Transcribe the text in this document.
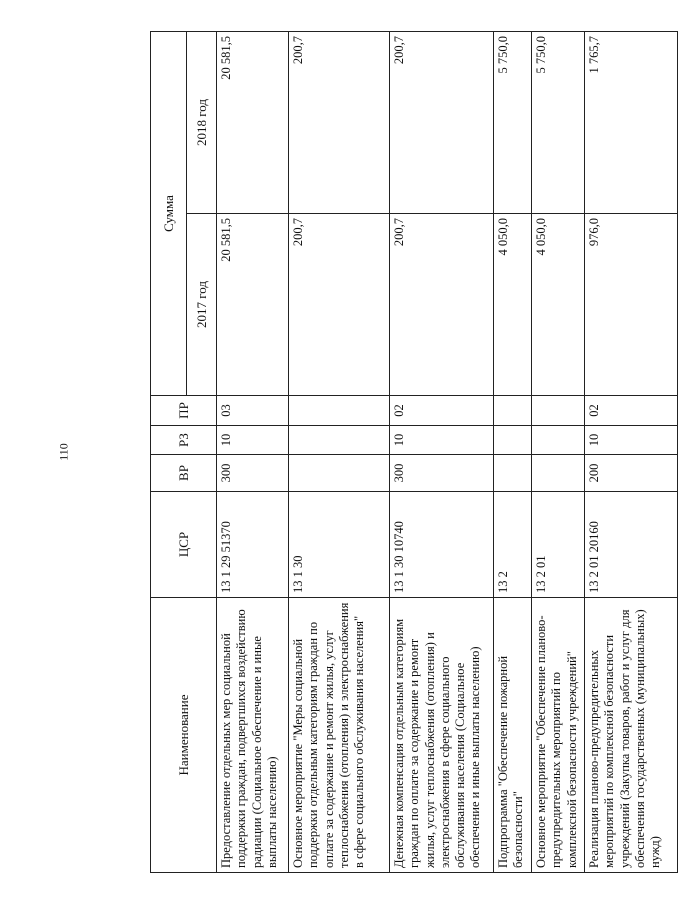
110
Наименование	ЦСР	ВР	РЗ	ПР	Сумма	
					2017 год	2018 год
Предоставление отдельных мер социальной поддержки граждан, подвергшихся воздействию радиации (Социальное обеспечение и иные выплаты населению)	13 1 29 51370	300	10	03	20 581,5	20 581,5
Основное мероприятие "Меры социальной поддержки отдельным категориям граждан по оплате за содержание и ремонт жилья, услуг теплоснабжения (отопления) и электроснабжения в сфере социального обслуживания населения"	13 1 30				200,7	200,7
Денежная компенсация отдельным категориям граждан по оплате за содержание и ремонт жилья, услуг теплоснабжения (отопления) и электроснабжения в сфере социального обслуживания населения (Социальное обеспечение и иные выплаты населению)	13 1 30 10740	300	10	02	200,7	200,7
Подпрограмма "Обеспечение пожарной безопасности"	13 2				4 050,0	5 750,0
Основное мероприятие "Обеспечение планово-предупредительных мероприятий по комплексной безопасности учреждений"	13 2 01				4 050,0	5 750,0
Реализация планово-предупредительных мероприятий по комплексной безопасности учреждений (Закупка товаров, работ и услуг для обеспечения государственных (муниципальных) нужд)	13 2 01 20160	200	10	02	976,0	1 765,7
